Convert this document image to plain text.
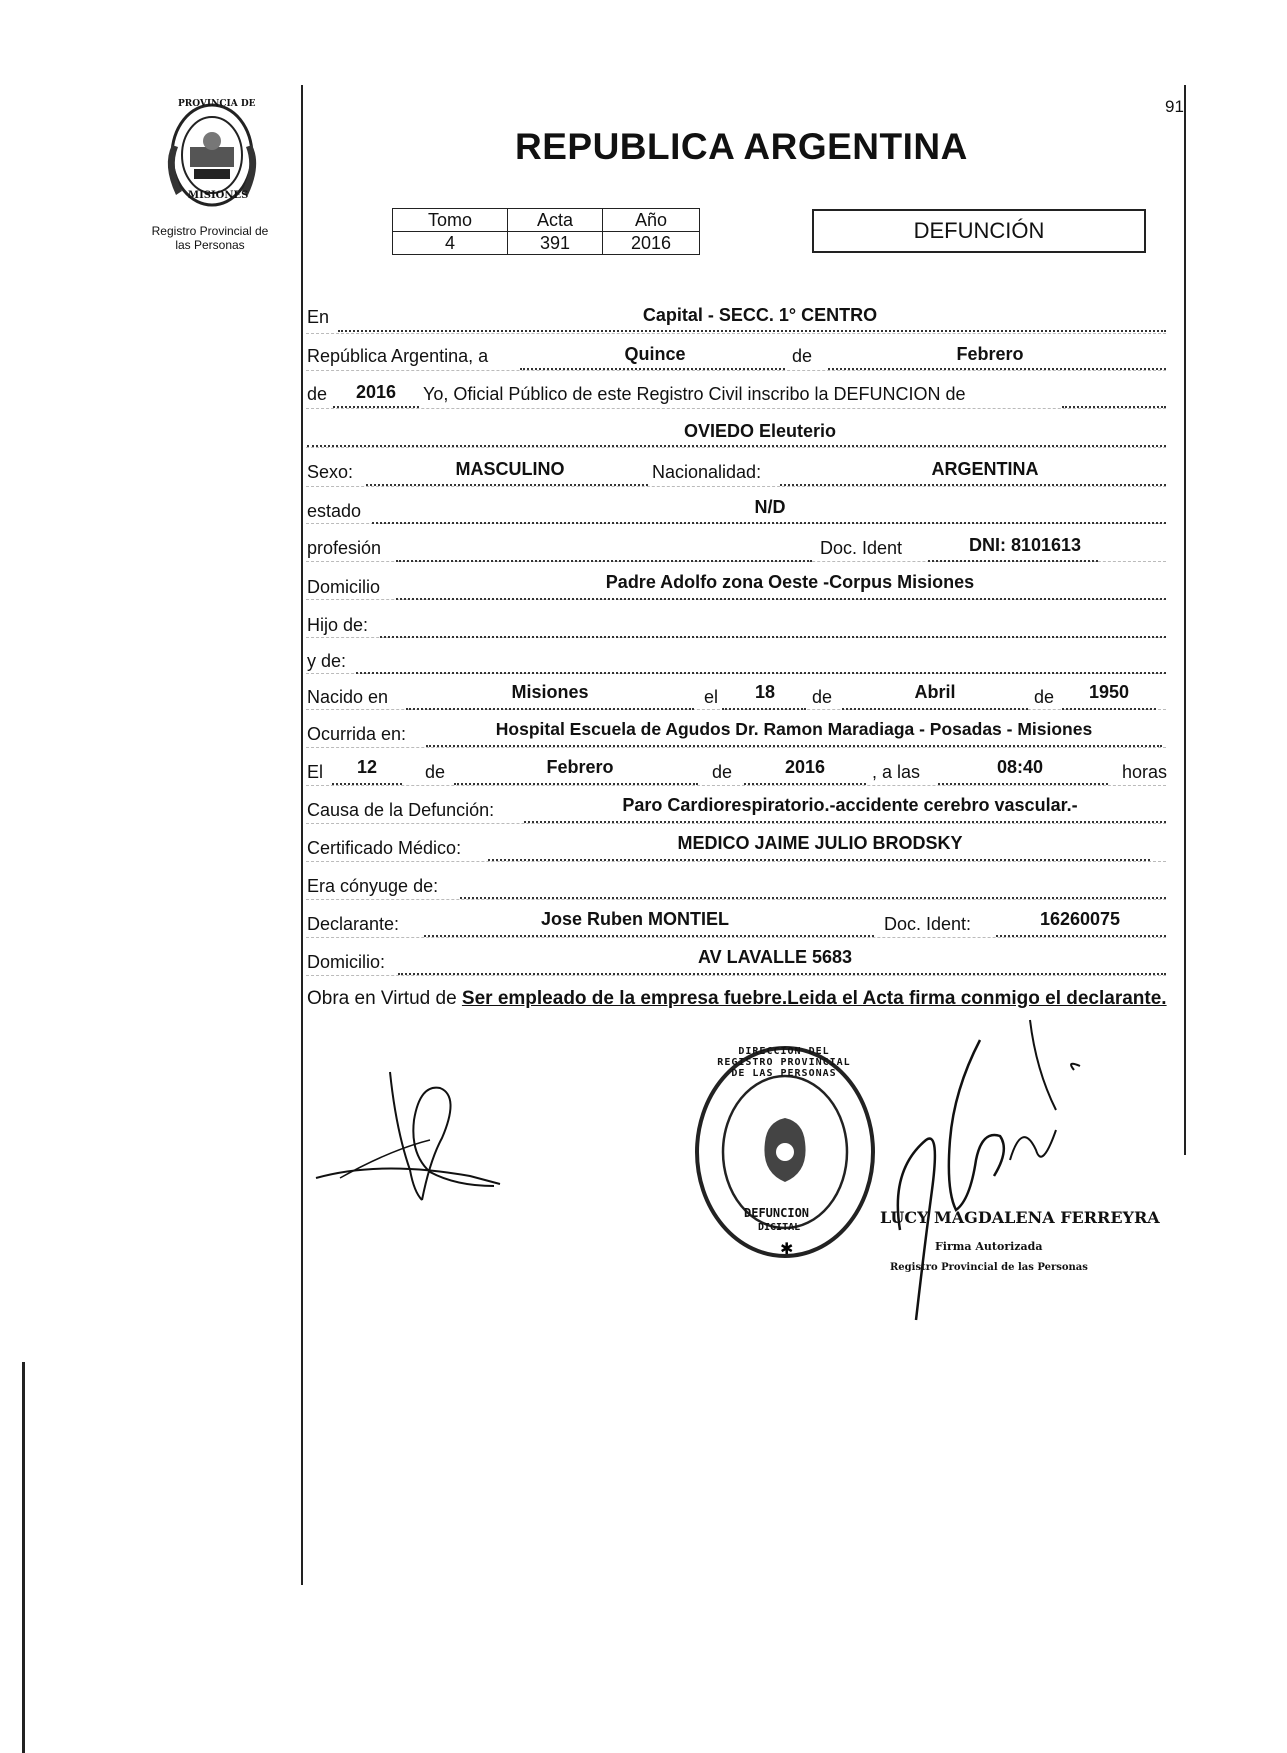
91
REPUBLICA ARGENTINA
PROVINCIA DE
MISIONES
Registro Provincial de
las Personas
Tomo	Acta	Año
4	391	2016	DEFUNCIÓN
En	Capital - SECC. 1° CENTRO
República Argentina, a	Quince	de	Febrero
de	2016	Yo, Oficial Público de este Registro Civil inscribo la DEFUNCION de
OVIEDO Eleuterio
Sexo:	MASCULINO	Nacionalidad:	ARGENTINA
estado	N/D
profesión	Doc. Ident	DNI: 8101613
Domicilio	Padre Adolfo zona Oeste -Corpus Misiones
Hijo de:
y de:
Nacido en	Misiones	el	18	de	Abril	de	1950
Ocurrida en:	Hospital Escuela de Agudos Dr. Ramon Maradiaga - Posadas - Misiones
El	12	de	Febrero	de	2016	, a las	08:40	horas
Causa de la Defunción:	Paro Cardiorespiratorio.-accidente cerebro vascular.-
Certificado Médico:	MEDICO JAIME JULIO BRODSKY
Era cónyuge de:
Declarante:	Jose Ruben MONTIEL	Doc. Ident:	16260075
Domicilio:	AV LAVALLE 5683
Obra en Virtud de Ser empleado de la empresa fuebre.Leida el Acta firma conmigo el declarante.
✱
DIRECCION DEL REGISTRO PROVINCIAL DE LAS PERSONAS
DEFUNCION
DIGITAL
LUCY MAGDALENA FERREYRA
Firma Autorizada
Registro Provincial de las Personas
